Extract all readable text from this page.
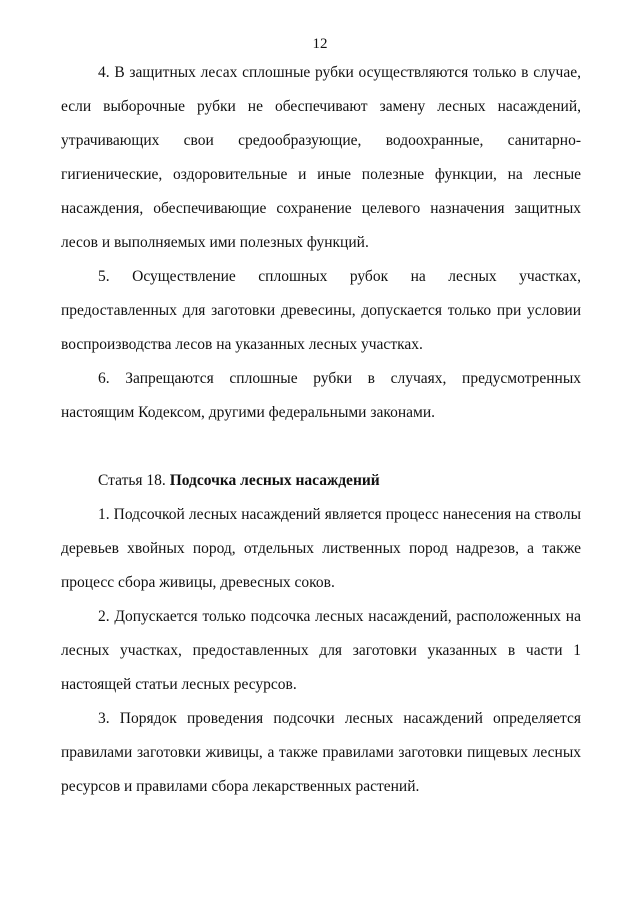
12

4. В защитных лесах сплошные рубки осуществляются только в случае, если выборочные рубки не обеспечивают замену лесных насаждений, утрачивающих свои средообразующие, водоохранные, санитарно-гигиенические, оздоровительные и иные полезные функции, на лесные насаждения, обеспечивающие сохранение целевого назначения защитных лесов и выполняемых ими полезных функций.

5. Осуществление сплошных рубок на лесных участках, предоставленных для заготовки древесины, допускается только при условии воспроизводства лесов на указанных лесных участках.

6. Запрещаются сплошные рубки в случаях, предусмотренных настоящим Кодексом, другими федеральными законами.

Статья 18. Подсочка лесных насаждений

1. Подсочкой лесных насаждений является процесс нанесения на стволы деревьев хвойных пород, отдельных лиственных пород надрезов, а также процесс сбора живицы, древесных соков.

2. Допускается только подсочка лесных насаждений, расположенных на лесных участках, предоставленных для заготовки указанных в части 1 настоящей статьи лесных ресурсов.

3. Порядок проведения подсочки лесных насаждений определяется правилами заготовки живицы, а также правилами заготовки пищевых лесных ресурсов и правилами сбора лекарственных растений.
